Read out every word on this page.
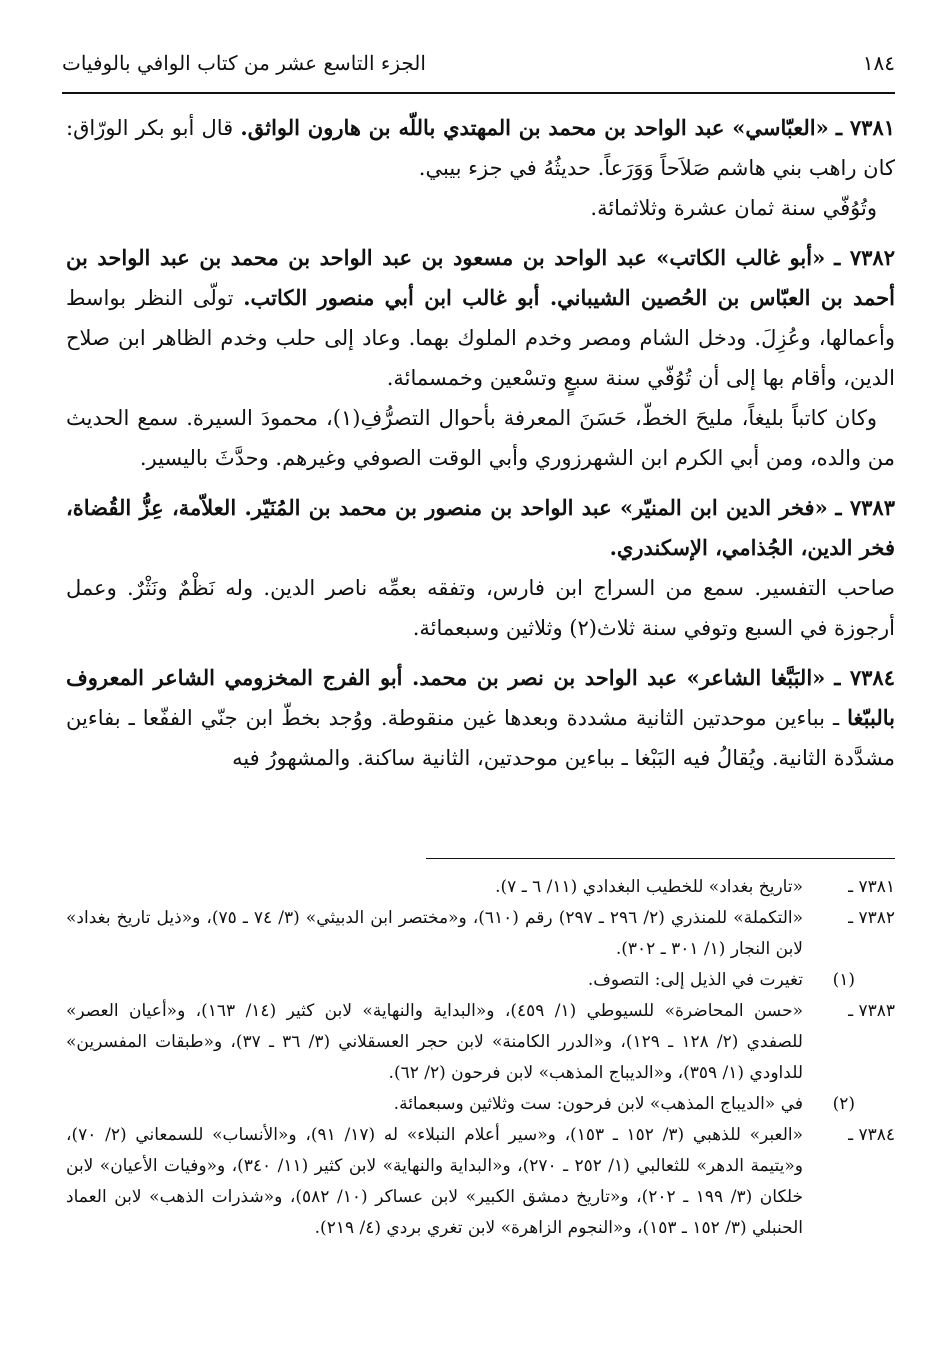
١٨٤
الجزء التاسع عشر من كتاب الوافي بالوفيات

٧٣٨١ ـ «العبّاسي» عبد الواحد بن محمد بن المهتدي باللّه بن هارون الواثق. قال أبو بكر الورّاق: كان راهب بني هاشم صَلاَحاً وَوَرَعاً. حديثُهُ في جزء بيبي.

وتُوُفّي سنة ثمان عشرة وثلاثمائة.

٧٣٨٢ ـ «أبو غالب الكاتب» عبد الواحد بن مسعود بن عبد الواحد بن محمد بن عبد الواحد بن أحمد بن العبّاس بن الحُصين الشيباني. أبو غالب ابن أبي منصور الكاتب. تولّى النظر بواسط وأعمالها، وعُزِلَ. ودخل الشام ومصر وخدم الملوك بهما. وعاد إلى حلب وخدم الظاهر ابن صلاح الدين، وأقام بها إلى أن تُوُفّي سنة سبعٍ وتسْعين وخمسمائة.

وكان كاتباً بليغاً، مليحَ الخطّ، حَسَنَ المعرفة بأحوال التصرُّفِ(١)، محمودَ السيرة. سمع الحديث من والده، ومن أبي الكرم ابن الشهرزوري وأبي الوقت الصوفي وغيرهم. وحدَّثَ باليسير.

٧٣٨٣ ـ «فخر الدين ابن المنيّر» عبد الواحد بن منصور بن محمد بن المُنَيّر. العلاّمة، عِزُّ القُضاة، فخر الدين، الجُذامي، الإسكندري.

صاحب التفسير. سمع من السراج ابن فارس، وتفقه بعمِّه ناصر الدين. وله نَظْمٌ ونَثْرٌ. وعمل أرجوزة في السبع وتوفي سنة ثلاث(٢) وثلاثين وسبعمائة.

٧٣٨٤ ـ «البَبَّغا الشاعر» عبد الواحد بن نصر بن محمد. أبو الفرج المخزومي الشاعر المعروف بالببّغا ـ بباءين موحدتين الثانية مشددة وبعدها غين منقوطة. ووُجد بخطّ ابن جنّي الففّعا ـ بفاءين مشدَّدة الثانية. ويُقالُ فيه البَبْغا ـ بباءين موحدتين، الثانية ساكنة. والمشهورُ فيه

٧٣٨١ ـ
«تاريخ بغداد» للخطيب البغدادي (١١/ ٦ ـ ٧).
٧٣٨٢ ـ
«التكملة» للمنذري (٢/ ٢٩٦ ـ ٢٩٧) رقم (٦١٠)، و«مختصر ابن الدبيثي» (٣/ ٧٤ ـ ٧٥)، و«ذيل تاريخ بغداد» لابن النجار (١/ ٣٠١ ـ ٣٠٢).
(١)
تغيرت في الذيل إلى: التصوف.
٧٣٨٣ ـ
«حسن المحاضرة» للسيوطي (١/ ٤٥٩)، و«البداية والنهاية» لابن كثير (١٤/ ١٦٣)، و«أعيان العصر» للصفدي (٢/ ١٢٨ ـ ١٢٩)، و«الدرر الكامنة» لابن حجر العسقلاني (٣/ ٣٦ ـ ٣٧)، و«طبقات المفسرين» للداودي (١/ ٣٥٩)، و«الديباج المذهب» لابن فرحون (٢/ ٦٢).
(٢)
في «الديباج المذهب» لابن فرحون: ست وثلاثين وسبعمائة.
٧٣٨٤ ـ
«العبر» للذهبي (٣/ ١٥٢ ـ ١٥٣)، و«سير أعلام النبلاء» له (١٧/ ٩١)، و«الأنساب» للسمعاني (٢/ ٧٠)، و«يتيمة الدهر» للثعالبي (١/ ٢٥٢ ـ ٢٧٠)، و«البداية والنهاية» لابن كثير (١١/ ٣٤٠)، و«وفيات الأعيان» لابن خلكان (٣/ ١٩٩ ـ ٢٠٢)، و«تاريخ دمشق الكبير» لابن عساكر (١٠/ ٥٨٢)، و«شذرات الذهب» لابن العماد الحنبلي (٣/ ١٥٢ ـ ١٥٣)، و«النجوم الزاهرة» لابن تغري بردي (٤/ ٢١٩).
